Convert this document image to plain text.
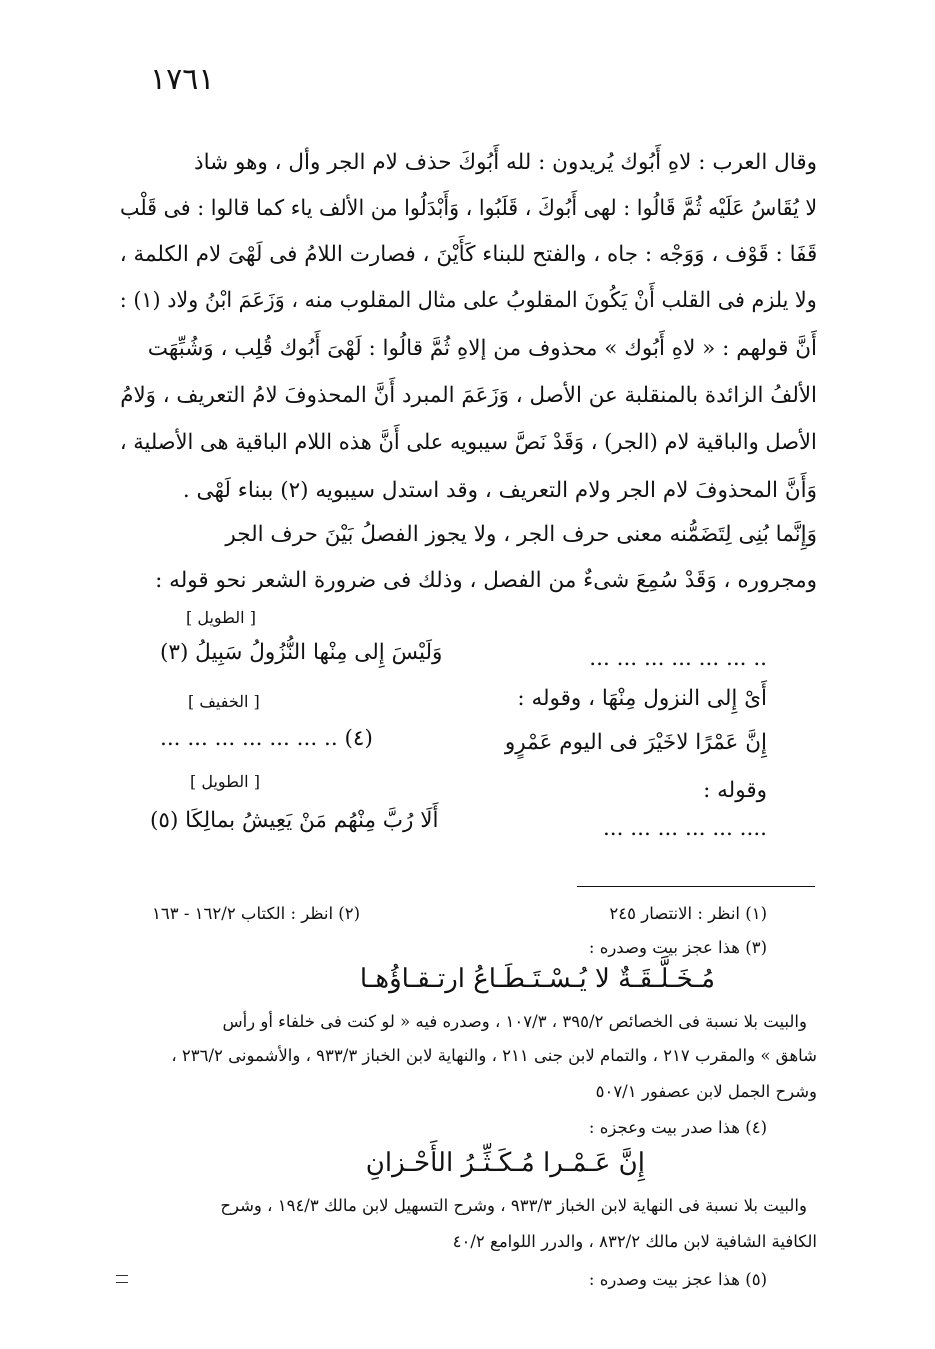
١٧٦١
وقال العرب : لاهِ أَبُوك يُريدون : لله أَبُوكَ حذف لام الجر وأل ، وهو شاذ
لا يُقَاسُ عَلَيْه ثُمَّ قَالُوا : لهى أَبُوكَ ، قَلَبُوا ، وَأَبْدَلُوا من الألف ياء كما قالوا : فى قَلْب
قَفَا : قَوْف ، وَوَجْه : جاه ، والفتح للبناء كَأَيْنَ ، فصارت اللامُ فى لَهْىَ لام الكلمة ،
ولا يلزم فى القلب أَنْ يَكُونَ المقلوبُ على مثال المقلوب منه ، وَزَعَمَ ابْنُ ولاد (١) :
أَنَّ قولهم : « لاهِ أَبُوك » محذوف من إلاهِ ثُمَّ قالُوا : لَهْىَ أَبُوك قُلِب ، وَشُبِّهَت
الألفُ الزائدة بالمنقلبة عن الأصل ، وَزَعَمَ المبرد أَنَّ المحذوفَ لامُ التعريف ، وَلامُ
الأصل والباقية لام (الجر) ، وَقَدْ نَصَّ سيبويه على أَنَّ هذه اللام الباقية هى الأصلية ،
وَأَنَّ المحذوفَ لام الجر ولام التعريف ، وقد استدل سيبويه (٢) ببناء لَهْى .
وَإِنَّما بُنِى لِتَضَمُّنه معنى حرف الجر ، ولا يجوز الفصلُ بَيْنَ حرف الجر
ومجروره ، وَقَدْ سُمِعَ شىءٌ من الفصل ، وذلك فى ضرورة الشعر نحو قوله :
[ الطويل ]
.. ... ... ... ... ... ...
وَلَيْسَ إِلى مِنْها النُّزُولُ سَبِيلُ (٣)
أَىْ إِلى النزول مِنْهَا ، وقوله :
[ الخفيف ]
إِنَّ عَمْرًا لاخَيْرَ فى اليوم عَمْرٍو
(٤) .. ... ... ... ... ... ...
وقوله :
[ الطويل ]
.... ... ... ... ... ...
أَلَا رُبَّ مِنْهُم مَنْ يَعِيشُ بمالِكَا (٥)
(١) انظر : الانتصار ٢٤٥
(٢) انظر : الكتاب ١٦٢/٢ - ١٦٣
(٣) هذا عجز بيت وصدره :
مُـخَـلَّـقَـةٌ لا يُـسْـتَـطَـاعُ ارتـقـاؤُهـا
والبيت بلا نسبة فى الخصائص ٣٩٥/٢ ، ١٠٧/٣ ، وصدره فيه « لو كنت فى خلفاء أو رأس
شاهق » والمقرب ٢١٧ ، والتمام لابن جنى ٢١١ ، والنهاية لابن الخباز ٩٣٣/٣ ، والأشمونى ٢٣٦/٢ ،
وشرح الجمل لابن عصفور ٥٠٧/١
(٤) هذا صدر بيت وعجزه :
إِنَّ عَـمْـرا مُـكَـثِّـرُ الأَحْـزانِ
والبيت بلا نسبة فى النهاية لابن الخباز ٩٣٣/٣ ، وشرح التسهيل لابن مالك ١٩٤/٣ ، وشرح
الكافية الشافية لابن مالك ٨٣٢/٢ ، والدرر اللوامع ٤٠/٢
(٥) هذا عجز بيت وصدره :
